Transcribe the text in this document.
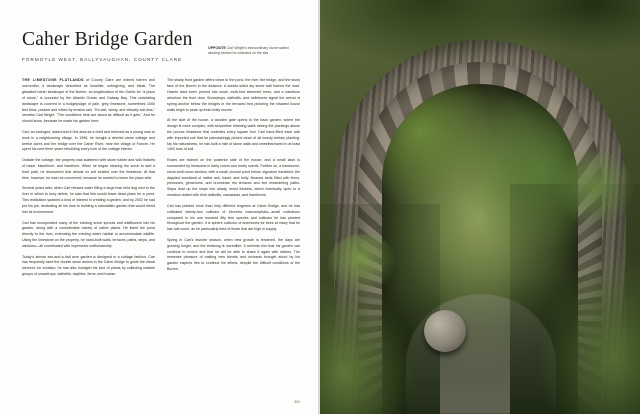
Caher Bridge Garden
FORMOYLE WEST, BALLYVAUGHAN, COUNTY CLARE
OPPOSITE Carl Wright's extraordinary stone walled winding stream he collected on the site.

THE LIMESTONE FLATLANDS of County Clare are indeed barren and uneventful, a landscape described as lunarlike, unforgiving, and bleak. The glaciated harsh landscape of the Burren, an Anglicization of the Gaelic for "a place of stone," is bounded by the Atlantic Ocean and Galway Bay. This undulating landscape is covered in a hodgepodge of pale, grey limestone, sometimes 1000 feet thick, pocked and rutted by erosive rain. "It's wet, windy, and virtually soil-less," remarks Carl Wright. "The conditions here are about as difficult as it gets." And he should know, because he made his garden here.

Carl, an ecologist, raised and in the area as a child and returned as a young man to work in a neighbouring village. In 1996, he bought a derelict stone cottage and twelve acres and the bridge over the Caher River, near the village of Fanore. He spent his next three years rebuilding every inch of the cottage interior.

Outside the cottage, the property was scattered with stone rubble and wild thickets of hazel, blackthorn, and hawthorn. When he began clearing the scrub to add a front path, he discovered that almost no soil existed over the limestone. At that time, however, he was not concerned, because he wanted to leave the place wild.

Several years later, when Carl refused water filling a large leak held dug next to the river in which to bury debris, he saw that this would leave dead plans for a pond. This realization sparked a kind of interest in creating a garden, and by 2002 he had put his job, dedicating all his time to building a naturalistic garden that would blend into its environment.

Carl has incorporated many of the existing scrub sprouts and wildflowers into his garden, along with a considerable variety of native plants. He listed the pond directly to the river, extending the existing water habitat to accommodate wildlife. Using the limestone on the property, he hand-built walls, terraces, paths, steps, and windows—all coordinated with impressive craftsmanship.

Today's almost two-and-a-half acre garden is designed in a cottage fashion. Carl has frequently used the double stone arches in the Caher Bridge to guide the visual element; for creation, he has also indulged his love of plants by collecting notable groups of snowdrops, daffodils, daylilies, ferns, and hostas.

The shady front garden offers views to the pond, the river, the bridge, and the stony face of the Burren in the distance. A double-sided dry stone wall frames the road. Hazels have been pruned into small, multi-fold stemmed trees, and a hawthorn arborium the front door. Snowdrops, daffodils, and hellebores signal the arrival of spring anchor below the hedges in the terraced bed picturing the situated house walls begin to peak up fresh leafy moves.

At the side of the house, a wooden gate opens to the back garden, where the design is more complex, with serpentine retaining walls raising the plantings above the porous limestone that underlies every square foot. Carl hand-filled each wall with imported soil that he painstakingly picked clean of all weedy tertiary planting. My his naturalness, he has built a mile of stone walls and wheelbarrowed in at least 1400 tons of soil.

Roses are trained on the posterior side of the house, and a small lawn is surrounded by blossoms in lively colors and lovely scents. Farther on, a handsome, stone-built moon window, with a small, circular pond below, signature transition: the dappled woodland of native ash, hazel, and holly. Nearest beds filled with ferns, primroses, geraniums, and brunneras rim terraces and line meandering paths. Steps lead up the slope into shady, moist thickets, which eventually open to a meadow dotted with Irish daffodils, camassias, and hawthorns.

Carl has planted more than forty different tergeries at Caher Bridge, and he has cultivated twenty-two cultivars of Dicentra macrocephala—small collections compared to his one hundred fifty fern species and cultivars he has planted throughout the garden. It is sphere collector of anemones for bees at many that he has lost count, as he particularly tried of those that are high in supply.

Spring in Carl's favorite season, when new growth is tendered, the days are growing longer, and the birdsong is incredible. It reminds him that his garden can continue to evolve and that he will be able to share it again with visitors. The immense pleasure of making new friends and orchards brought about by his garden inspires him to continue his efforts, despite the difficult conditions of the Burren.

69
